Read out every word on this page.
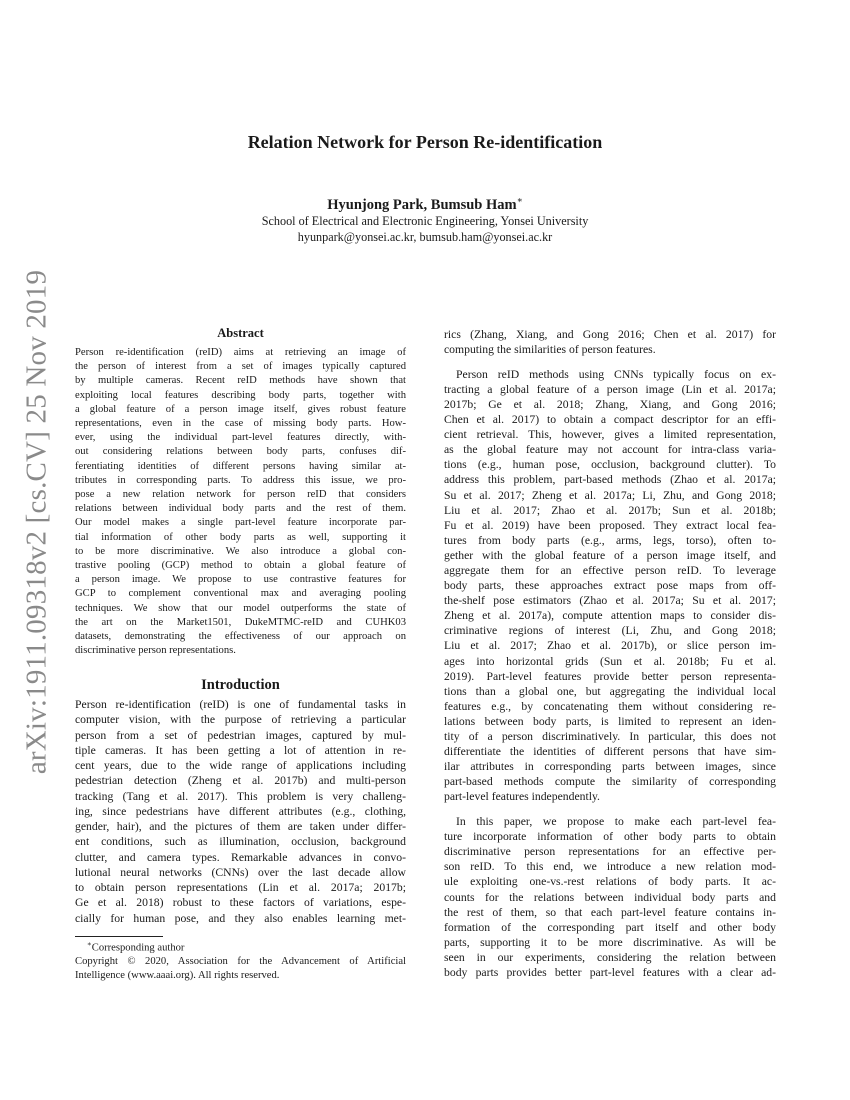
arXiv:1911.09318v2 [cs.CV] 25 Nov 2019
Relation Network for Person Re-identification
Hyunjong Park, Bumsub Ham∗
School of Electrical and Electronic Engineering, Yonsei University
hyunpark@yonsei.ac.kr, bumsub.ham@yonsei.ac.kr
Abstract
Person re-identification (reID) aims at retrieving an image of
the person of interest from a set of images typically captured
by multiple cameras. Recent reID methods have shown that
exploiting local features describing body parts, together with
a global feature of a person image itself, gives robust feature
representations, even in the case of missing body parts. How-
ever, using the individual part-level features directly, with-
out considering relations between body parts, confuses dif-
ferentiating identities of different persons having similar at-
tributes in corresponding parts. To address this issue, we pro-
pose a new relation network for person reID that considers
relations between individual body parts and the rest of them.
Our model makes a single part-level feature incorporate par-
tial information of other body parts as well, supporting it
to be more discriminative. We also introduce a global con-
trastive pooling (GCP) method to obtain a global feature of
a person image. We propose to use contrastive features for
GCP to complement conventional max and averaging pooling
techniques. We show that our model outperforms the state of
the art on the Market1501, DukeMTMC-reID and CUHK03
datasets, demonstrating the effectiveness of our approach on
discriminative person representations.
Introduction
Person re-identification (reID) is one of fundamental tasks in
computer vision, with the purpose of retrieving a particular
person from a set of pedestrian images, captured by mul-
tiple cameras. It has been getting a lot of attention in re-
cent years, due to the wide range of applications including
pedestrian detection (Zheng et al. 2017b) and multi-person
tracking (Tang et al. 2017). This problem is very challeng-
ing, since pedestrians have different attributes (e.g., clothing,
gender, hair), and the pictures of them are taken under differ-
ent conditions, such as illumination, occlusion, background
clutter, and camera types. Remarkable advances in convo-
lutional neural networks (CNNs) over the last decade allow
to obtain person representations (Lin et al. 2017a; 2017b;
Ge et al. 2018) robust to these factors of variations, espe-
cially for human pose, and they also enables learning met-
∗Corresponding author
Copyright © 2020, Association for the Advancement of Artificial
Intelligence (www.aaai.org). All rights reserved.
rics (Zhang, Xiang, and Gong 2016; Chen et al. 2017) for
computing the similarities of person features.
Person reID methods using CNNs typically focus on ex-
tracting a global feature of a person image (Lin et al. 2017a;
2017b; Ge et al. 2018; Zhang, Xiang, and Gong 2016;
Chen et al. 2017) to obtain a compact descriptor for an effi-
cient retrieval. This, however, gives a limited representation,
as the global feature may not account for intra-class varia-
tions (e.g., human pose, occlusion, background clutter). To
address this problem, part-based methods (Zhao et al. 2017a;
Su et al. 2017; Zheng et al. 2017a; Li, Zhu, and Gong 2018;
Liu et al. 2017; Zhao et al. 2017b; Sun et al. 2018b;
Fu et al. 2019) have been proposed. They extract local fea-
tures from body parts (e.g., arms, legs, torso), often to-
gether with the global feature of a person image itself, and
aggregate them for an effective person reID. To leverage
body parts, these approaches extract pose maps from off-
the-shelf pose estimators (Zhao et al. 2017a; Su et al. 2017;
Zheng et al. 2017a), compute attention maps to consider dis-
criminative regions of interest (Li, Zhu, and Gong 2018;
Liu et al. 2017; Zhao et al. 2017b), or slice person im-
ages into horizontal grids (Sun et al. 2018b; Fu et al.
2019). Part-level features provide better person representa-
tions than a global one, but aggregating the individual local
features e.g., by concatenating them without considering re-
lations between body parts, is limited to represent an iden-
tity of a person discriminatively. In particular, this does not
differentiate the identities of different persons that have sim-
ilar attributes in corresponding parts between images, since
part-based methods compute the similarity of corresponding
part-level features independently.
In this paper, we propose to make each part-level fea-
ture incorporate information of other body parts to obtain
discriminative person representations for an effective per-
son reID. To this end, we introduce a new relation mod-
ule exploiting one-vs.-rest relations of body parts. It ac-
counts for the relations between individual body parts and
the rest of them, so that each part-level feature contains in-
formation of the corresponding part itself and other body
parts, supporting it to be more discriminative. As will be
seen in our experiments, considering the relation between
body parts provides better part-level features with a clear ad-
